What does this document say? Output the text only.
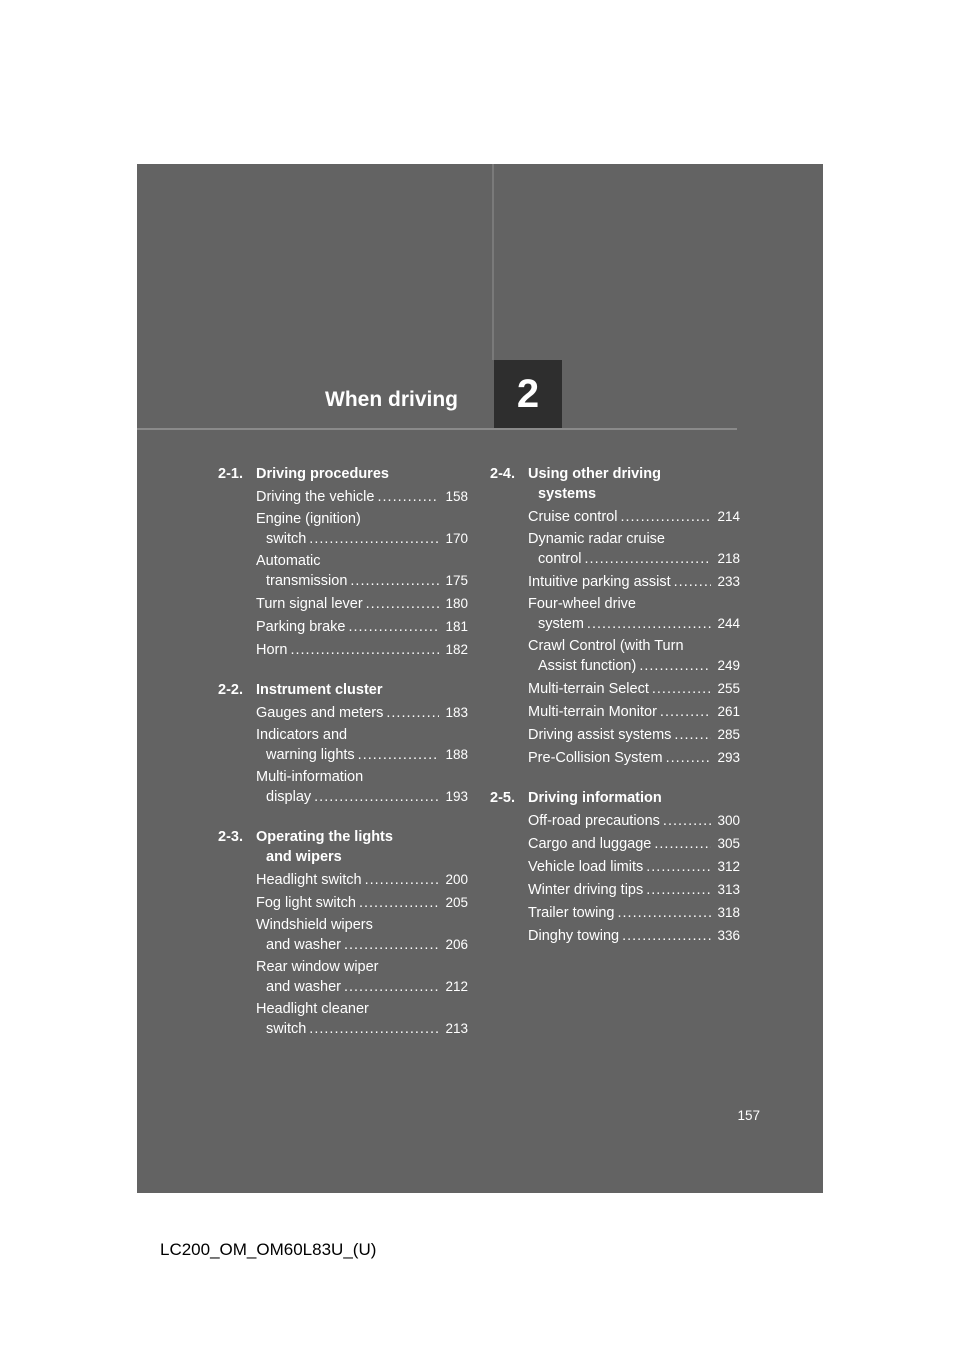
When driving	2
2-1. Driving procedures
Driving the vehicle .....	158
Engine (ignition)
switch .....	170
Automatic
transmission .....	175
Turn signal lever .....	180
Parking brake .....	181
Horn .....	182
2-2. Instrument cluster
Gauges and meters .....	183
Indicators and
warning lights .....	188
Multi-information
display .....	193
2-3. Operating the lights
and wipers
Headlight switch .....	200
Fog light switch .....	205
Windshield wipers
and washer .....	206
Rear window wiper
and washer .....	212
Headlight cleaner
switch .....	213
2-4. Using other driving
systems
Cruise control .....	214
Dynamic radar cruise
control .....	218
Intuitive parking assist .....	233
Four-wheel drive
system .....	244
Crawl Control (with Turn
Assist function) .....	249
Multi-terrain Select .....	255
Multi-terrain Monitor .....	261
Driving assist systems .....	285
Pre-Collision System .....	293
2-5. Driving information
Off-road precautions .....	300
Cargo and luggage .....	305
Vehicle load limits .....	312
Winter driving tips .....	313
Trailer towing .....	318
Dinghy towing .....	336
157
LC200_OM_OM60L83U_(U)
